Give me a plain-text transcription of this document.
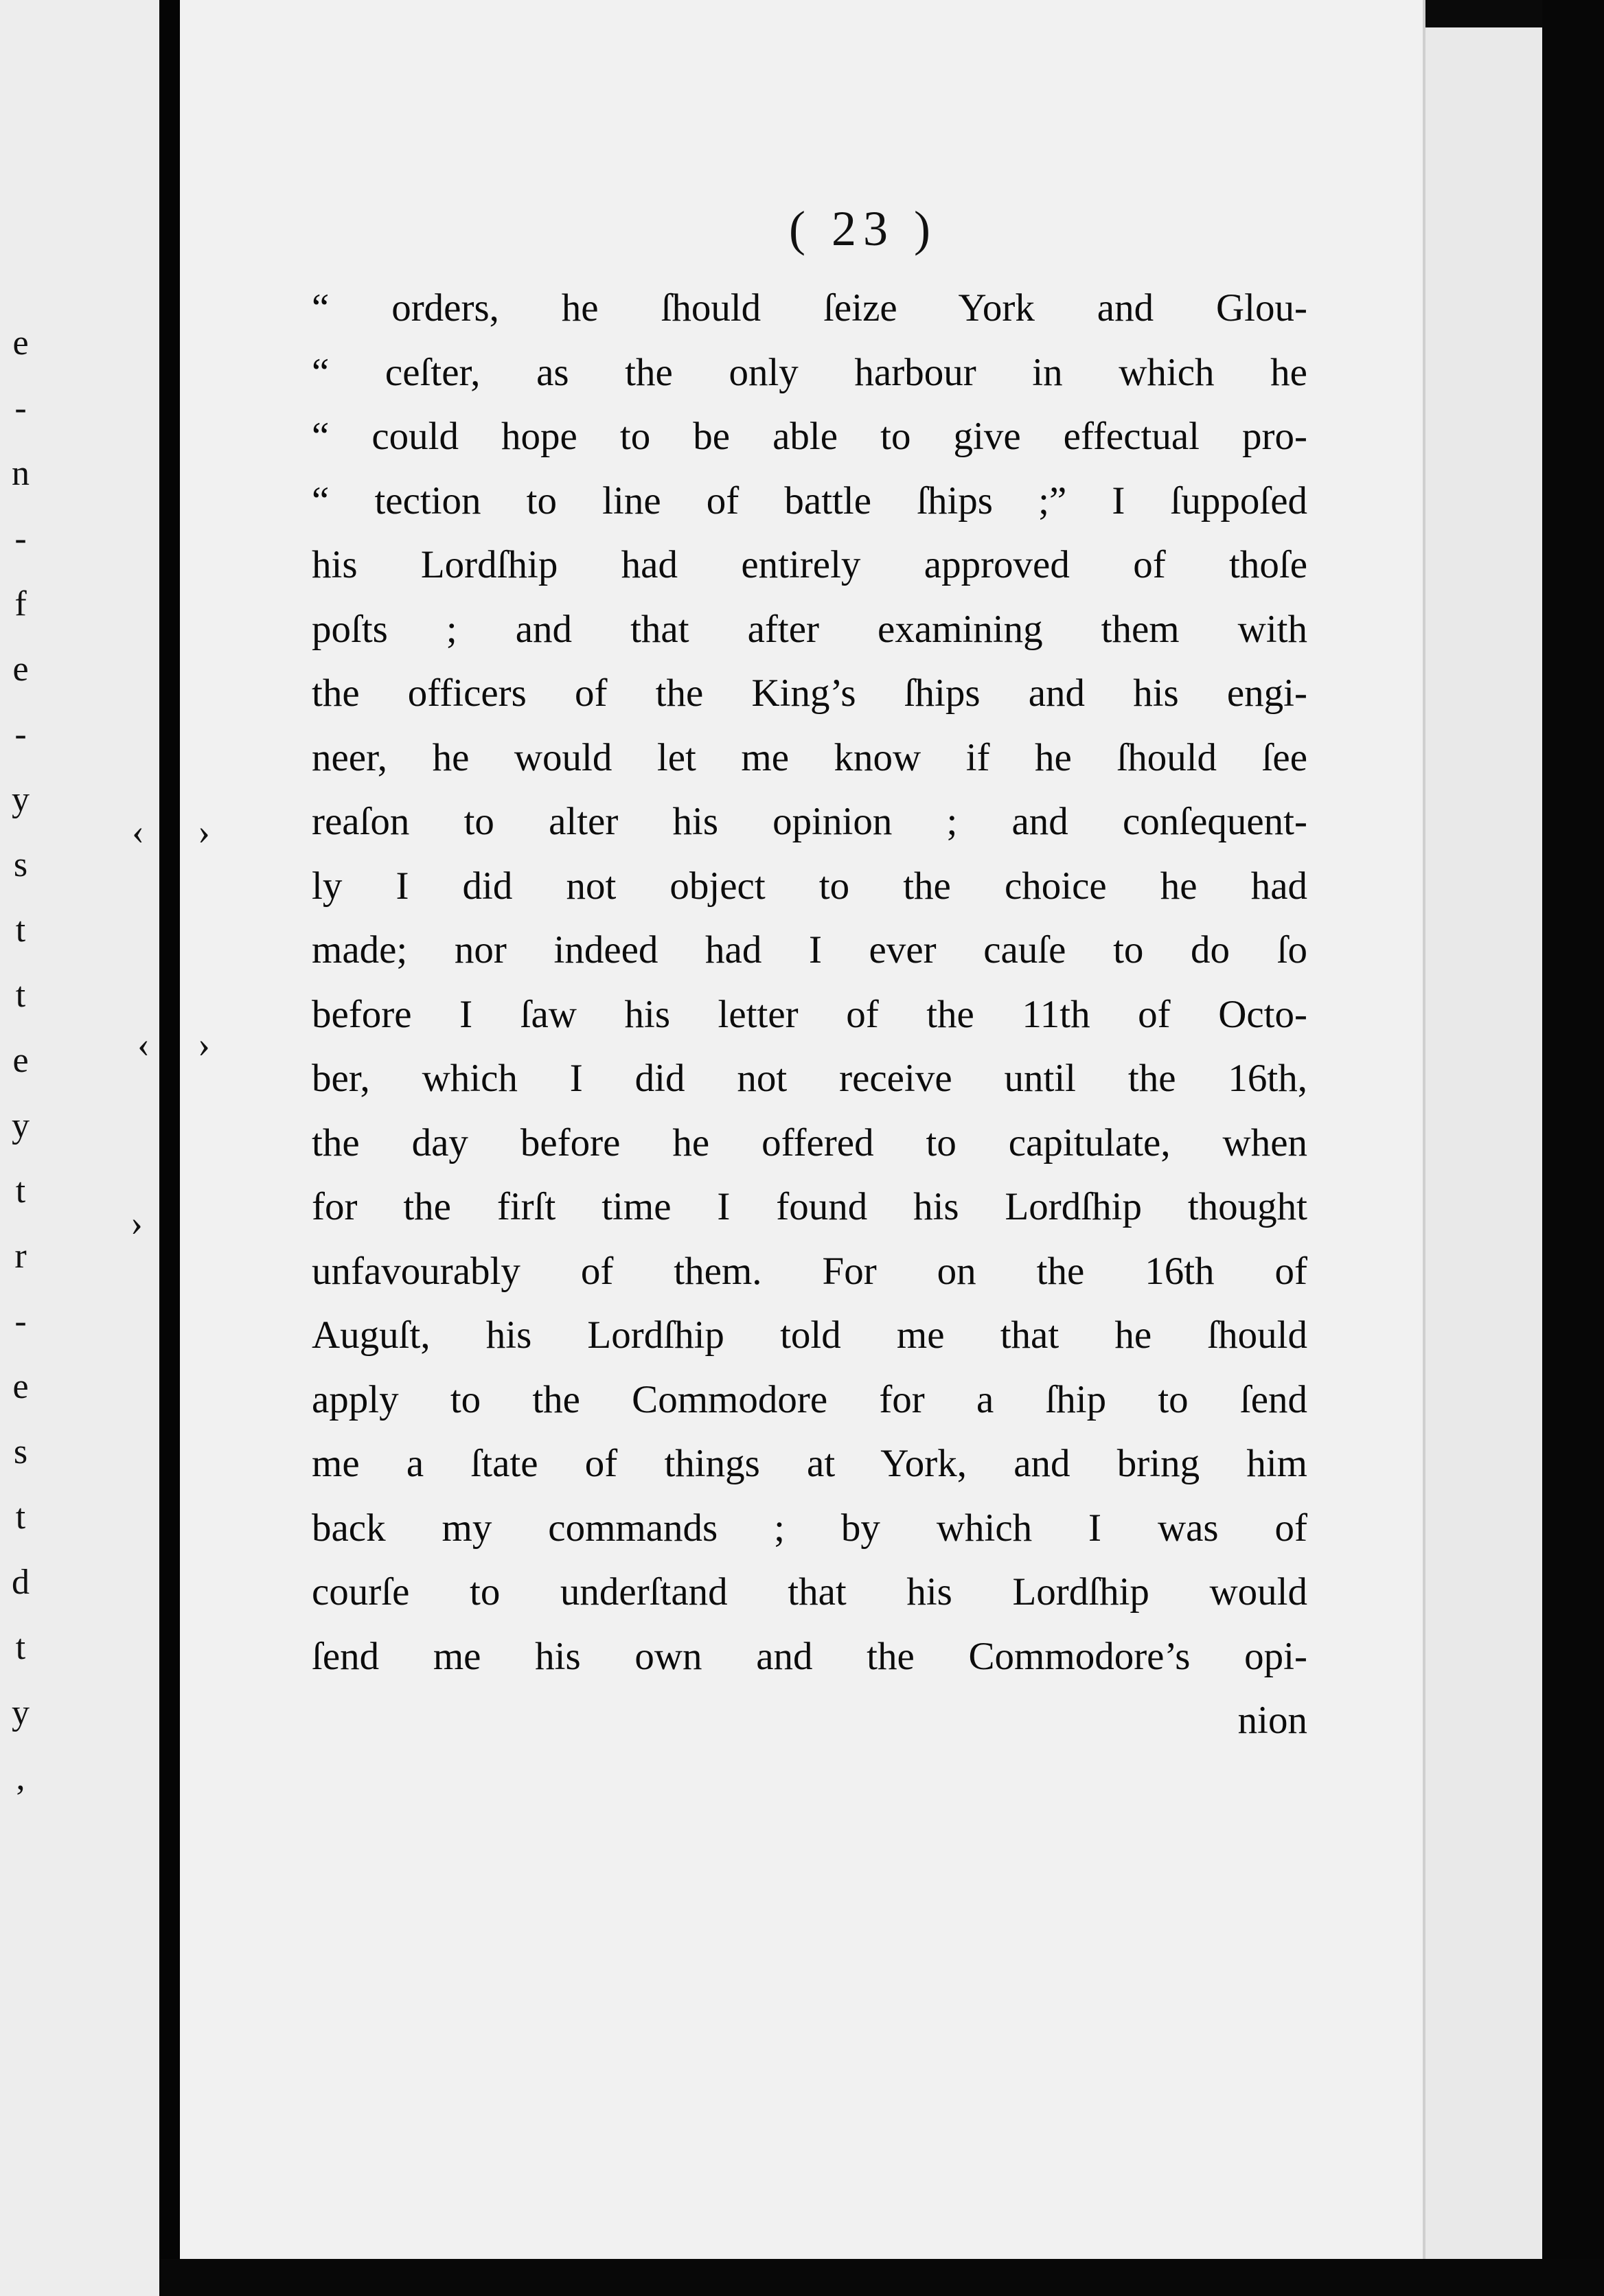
e
-
n
-
f
e
-
y
s
t
t
e
y
t
r
-
e
s
t
d
t
y
,
( 23 )
“ orders, he ſhould ſeize York and Glou-
“ ceſter, as the only harbour in which he
“ could hope to be able to give effectual pro-
“ tection to line of battle ſhips ;” I ſuppoſed
his Lordſhip had entirely approved of thoſe
poſts ; and that after examining them with
the officers of the King’s ſhips and his engi-
neer, he would let me know if he ſhould ſee
reaſon to alter his opinion ; and conſequent-
ly I did not object to the choice he had
made; nor indeed had I ever cauſe to do ſo
before I ſaw his letter of the 11th of Octo-
ber, which I did not receive until the 16th,
the day before he offered to capitulate, when
for the firſt time I found his Lordſhip thought
unfavourably of them. For on the 16th of
Auguſt, his Lordſhip told me that he ſhould
apply to the Commodore for a ſhip to ſend
me a ſtate of things at York, and bring him
back my commands ; by which I was of
courſe to underſtand that his Lordſhip would
ſend me his own and the Commodore’s opi-
nion
‹ ›
‹ ›
›
